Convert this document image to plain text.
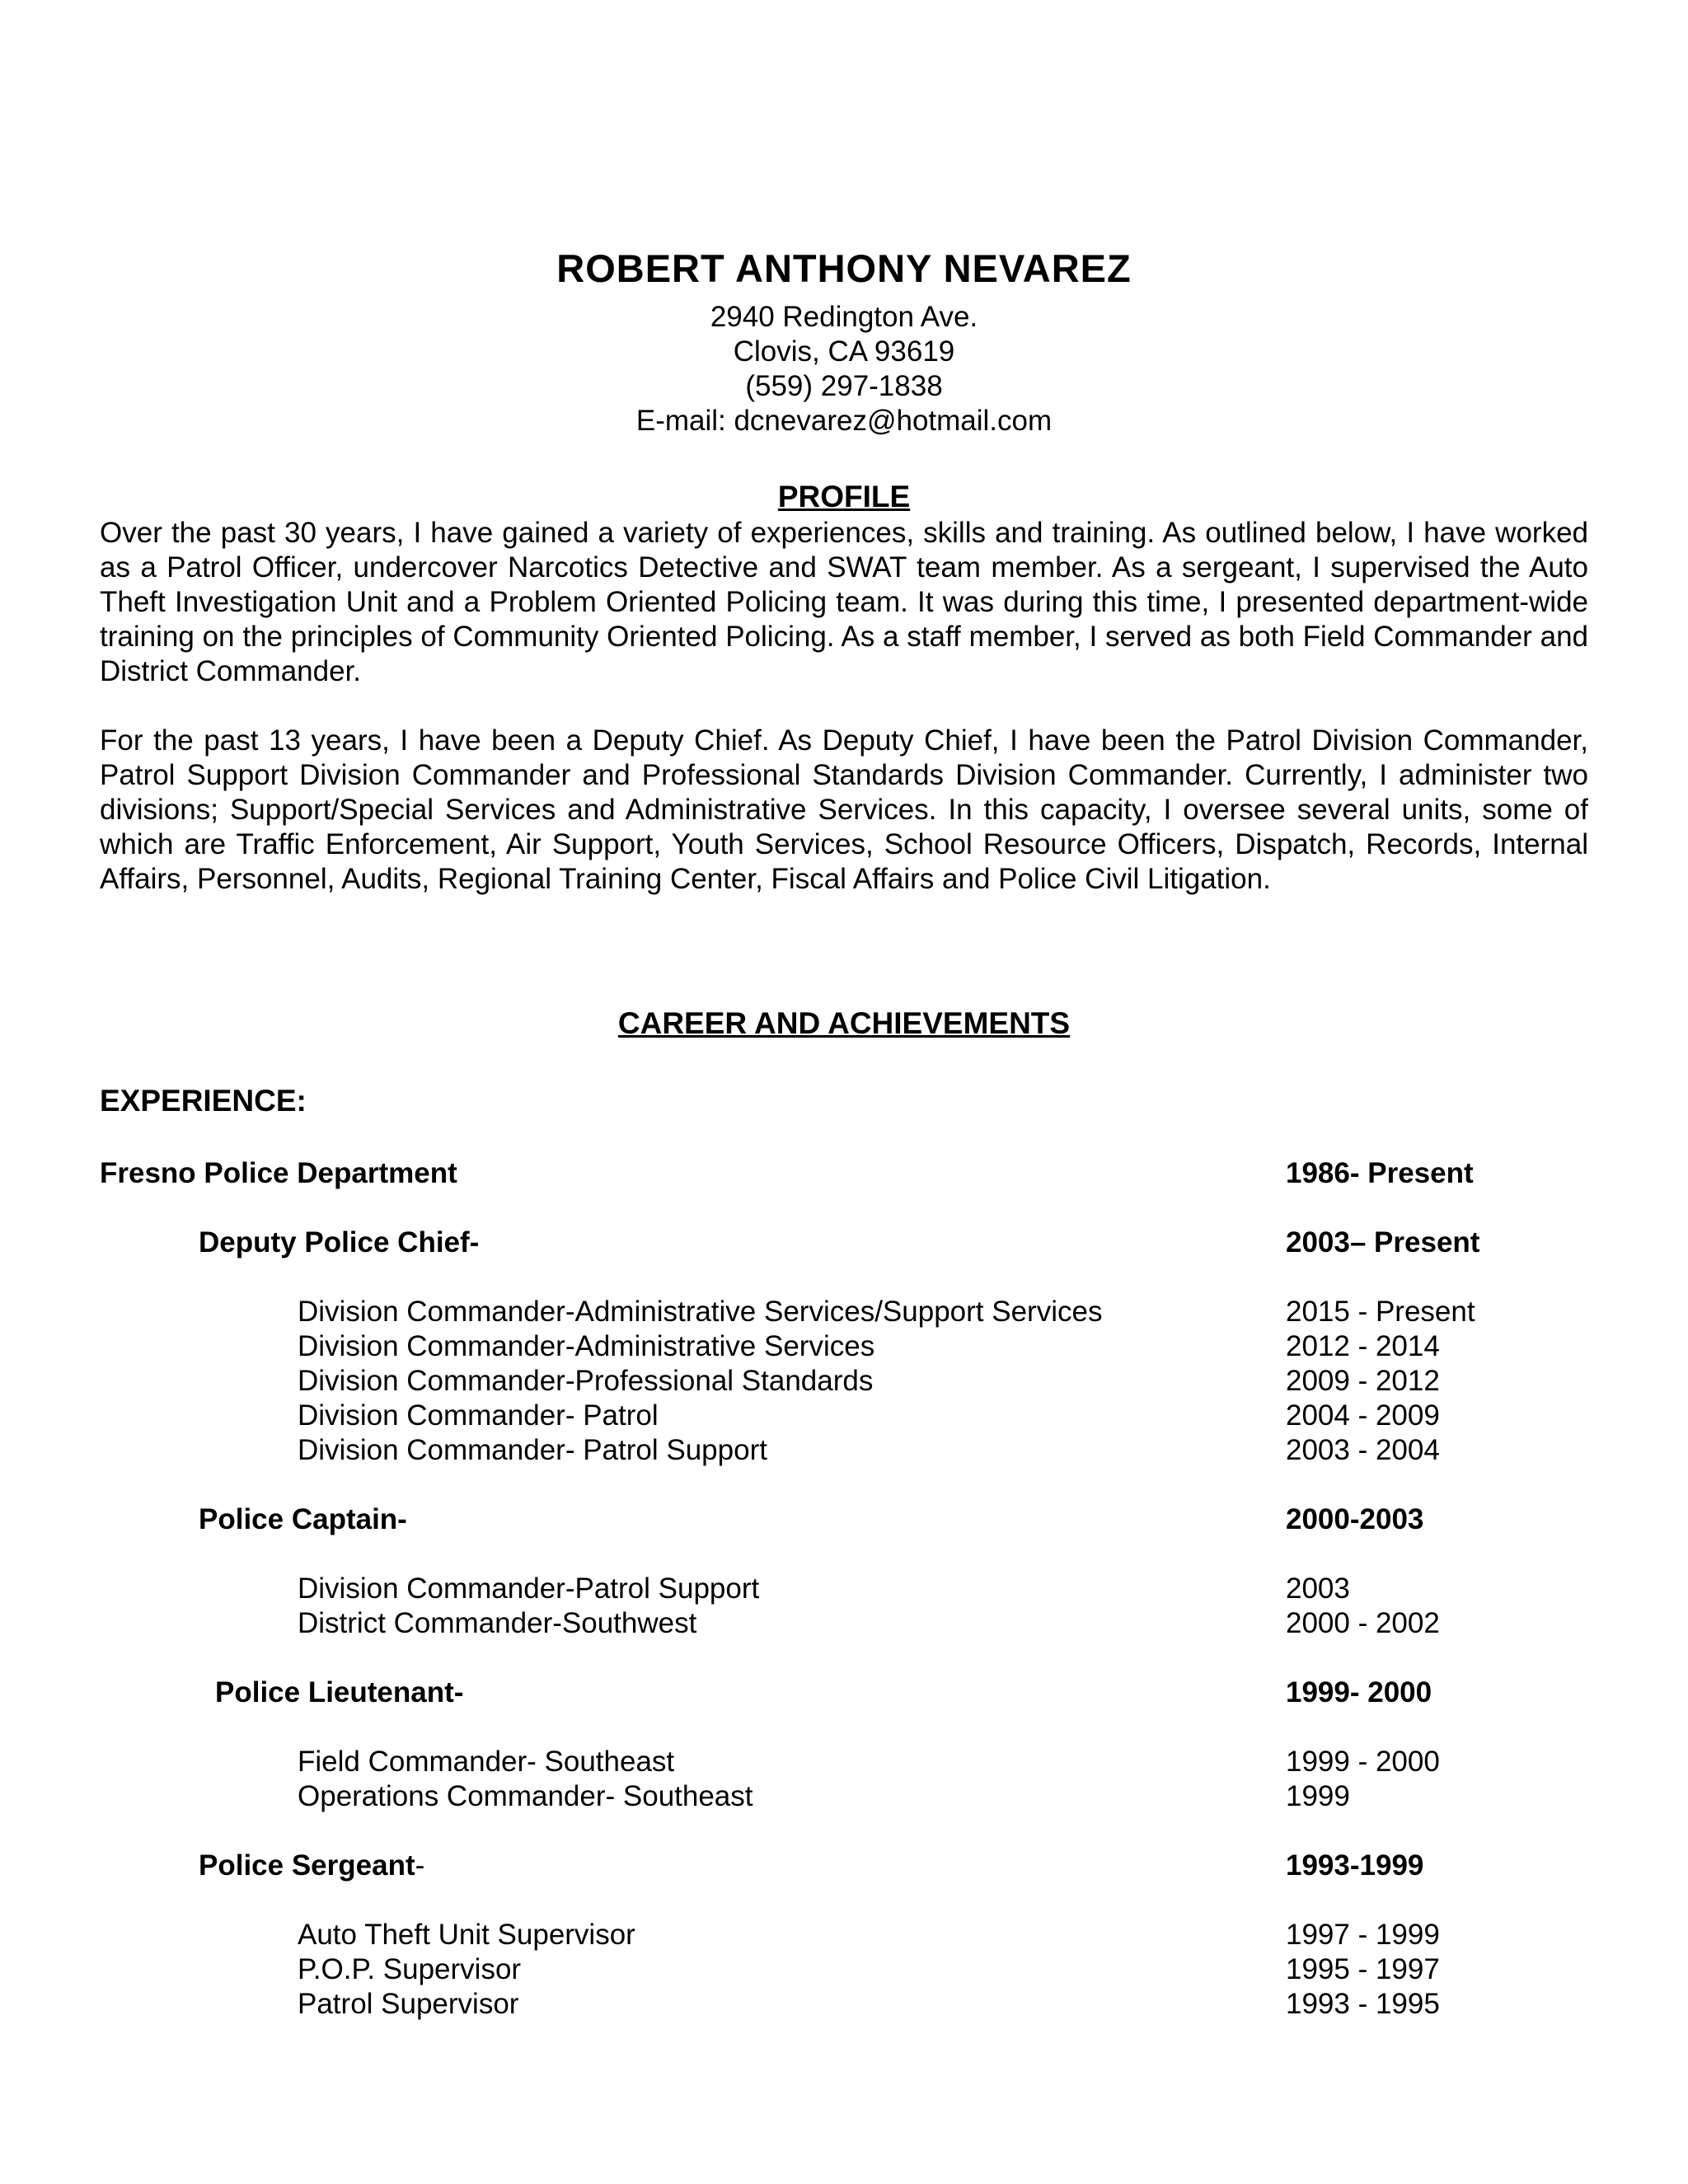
ROBERT ANTHONY NEVAREZ
2940 Redington Ave.
Clovis, CA 93619
(559) 297-1838
E-mail: dcnevarez@hotmail.com
PROFILE

Over the past 30 years, I have gained a variety of experiences, skills and training. As outlined below, I have worked as a Patrol Officer, undercover Narcotics Detective and SWAT team member. As a sergeant, I supervised the Auto Theft Investigation Unit and a Problem Oriented Policing team. It was during this time, I presented department-wide training on the principles of Community Oriented Policing. As a staff member, I served as both Field Commander and District Commander.

For the past 13 years, I have been a Deputy Chief. As Deputy Chief, I have been the Patrol Division Commander, Patrol Support Division Commander and Professional Standards Division Commander. Currently, I administer two divisions; Support/Special Services and Administrative Services. In this capacity, I oversee several units, some of which are Traffic Enforcement, Air Support, Youth Services, School Resource Officers, Dispatch, Records, Internal Affairs, Personnel, Audits, Regional Training Center, Fiscal Affairs and Police Civil Litigation.

CAREER AND ACHIEVEMENTS
EXPERIENCE:
Fresno Police Department	1986- Present
Deputy Police Chief-	2003– Present
Division Commander-Administrative Services/Support Services	2015 - Present
Division Commander-Administrative Services	2012 - 2014
Division Commander-Professional Standards	2009 - 2012
Division Commander- Patrol	2004 - 2009
Division Commander- Patrol Support	2003 - 2004
Police Captain-	2000-2003
Division Commander-Patrol Support	2003
District Commander-Southwest	2000 - 2002
Police Lieutenant-	1999- 2000
Field Commander- Southeast	1999 - 2000
Operations Commander- Southeast	1999
Police Sergeant-	1993-1999
Auto Theft Unit Supervisor	1997 - 1999
P.O.P. Supervisor	1995 - 1997
Patrol Supervisor	1993 - 1995
